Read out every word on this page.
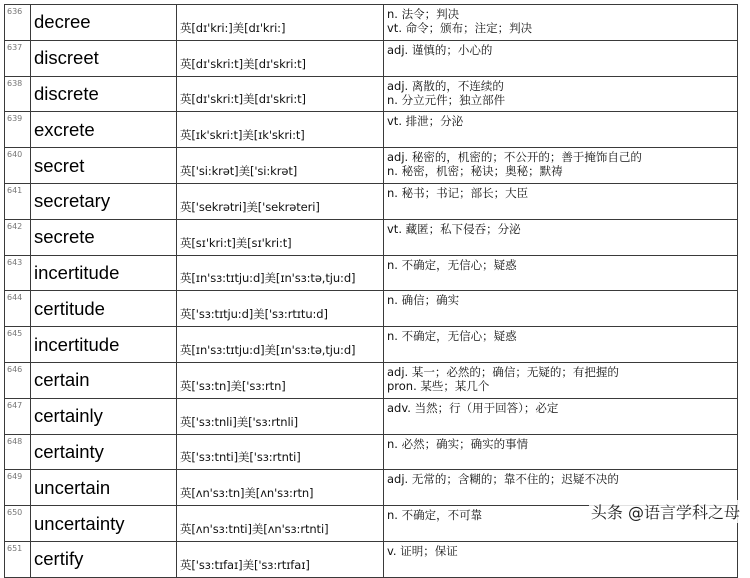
636	decree	英[dɪ'kri:]美[dɪ'kri:]	n. 法令；判决
vt. 命令；颁布；注定；判决

637	discreet	英[dɪ'skri:t]美[dɪ'skri:t]	adj. 谨慎的；小心的

638	discrete	英[dɪ'skri:t]美[dɪ'skri:t]	adj. 离散的，不连续的
n. 分立元件；独立部件

639	excrete	英[ɪk'skri:t]美[ɪk'skri:t]	vt. 排泄；分泌

640	secret	英['si:krət]美['si:krət]	adj. 秘密的，机密的；不公开的；善于掩饰自己的
n. 秘密，机密；秘诀；奥秘；默祷

641	secretary	英['sekrətri]美['sekrəteri]	n. 秘书；书记；部长；大臣

642	secrete	英[sɪ'kri:t]美[sɪ'kri:t]	vt. 藏匿；私下侵吞；分泌

643	incertitude	英[ɪn'sɜ:tɪtju:d]美[ɪn'sɜ:tə,tju:d]	n. 不确定，无信心；疑惑

644	certitude	英['sɜ:tɪtju:d]美['sɜ:rtɪtu:d]	n. 确信；确实

645	incertitude	英[ɪn'sɜ:tɪtju:d]美[ɪn'sɜ:tə,tju:d]	n. 不确定，无信心；疑惑

646	certain	英['sɜ:tn]美['sɜ:rtn]	adj. 某一；必然的；确信；无疑的；有把握的
pron. 某些；某几个

647	certainly	英['sɜ:tnli]美['sɜ:rtnli]	adv. 当然；行（用于回答）；必定

648	certainty	英['sɜ:tnti]美['sɜ:rtnti]	n. 必然；确实；确实的事情

649	uncertain	英[ʌn'sɜ:tn]美[ʌn'sɜ:rtn]	adj. 无常的；含糊的；靠不住的；迟疑不决的

650	uncertainty	英[ʌn'sɜ:tnti]美[ʌn'sɜ:rtnti]	n. 不确定，不可靠

651	certify	英['sɜ:tɪfaɪ]美['sɜ:rtɪfaɪ]	v. 证明；保证
头条 @语言学科之母
